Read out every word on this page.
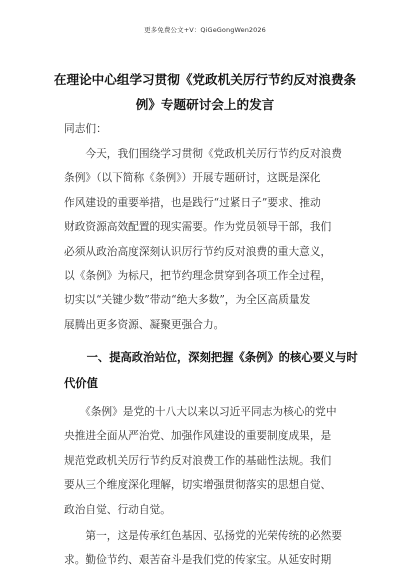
更多免费公文+V：QiGeGongWen2026
在理论中心组学习贯彻《党政机关厉行节约反对浪费条
例》专题研讨会上的发言
同志们：
　　今天，我们围绕学习贯彻《党政机关厉行节约反对浪费
条例》（以下简称《条例》）开展专题研讨，这既是深化
作风建设的重要举措，也是践行“过紧日子”要求、推动
财政资源高效配置的现实需要。作为党员领导干部，我们
必须从政治高度深刻认识厉行节约反对浪费的重大意义，
以《条例》为标尺，把节约理念贯穿到各项工作全过程，
切实以“关键少数”带动“绝大多数”，为全区高质量发
展腾出更多资源、凝聚更强合力。
　　一、提高政治站位，深刻把握《条例》的核心要义与时
代价值
　　《条例》是党的十八大以来以习近平同志为核心的党中
央推进全面从严治党、加强作风建设的重要制度成果，是
规范党政机关厉行节约反对浪费工作的基础性法规。我们
要从三个维度深化理解，切实增强贯彻落实的思想自觉、
政治自觉、行动自觉。
　　第一，这是传承红色基因、弘扬党的光荣传统的必然要
求。勤俭节约、艰苦奋斗是我们党的传家宝。从延安时期
